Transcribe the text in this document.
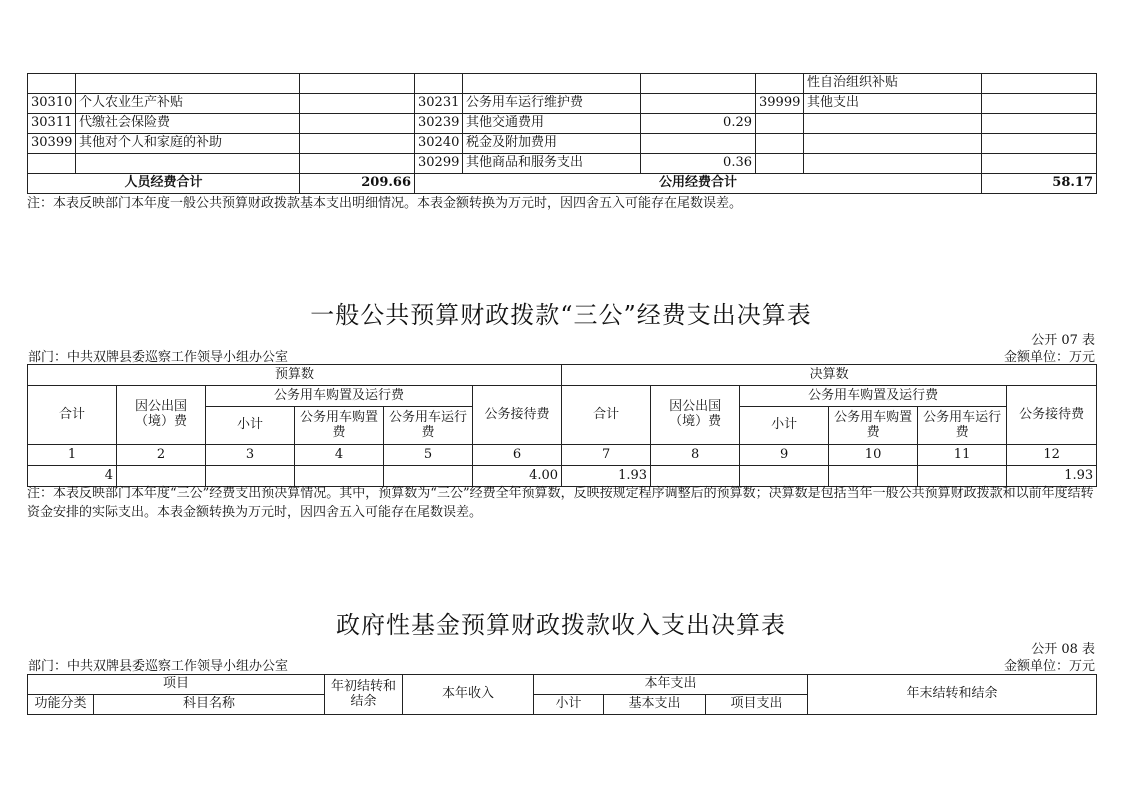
							性自治组织补贴	
30310	个人农业生产补贴		30231	公务用车运行维护费		39999	其他支出	
30311	代缴社会保险费		30239	其他交通费用	0.29			
30399	其他对个人和家庭的补助		30240	税金及附加费用				
			30299	其他商品和服务支出	0.36			
人员经费合计		209.66	公用经费合计					58.17
注：本表反映部门本年度一般公共预算财政拨款基本支出明细情况。本表金额转换为万元时，因四舍五入可能存在尾数误差。
一般公共预算财政拨款“三公”经费支出决算表
公开 07 表
部门：中共双牌县委巡察工作领导小组办公室	金额单位：万元
预算数						决算数					
合计	因公出国（境）费	公务用车购置及运行费			公务接待费	合计	因公出国（境）费	公务用车购置及运行费			公务接待费
		小计	公务用车购置费	公务用车运行费				小计	公务用车购置费	公务用车运行费	
1	2	3	4	5	6	7	8	9	10	11	12
4					4.00	1.93					1.93
注：本表反映部门本年度“三公”经费支出预决算情况。其中，预算数为“三公”经费全年预算数，反映按规定程序调整后的预算数；决算数是包括当年一般公共预算财政拨款和以前年度结转资金安排的实际支出。本表金额转换为万元时，因四舍五入可能存在尾数误差。
政府性基金预算财政拨款收入支出决算表
公开 08 表
部门：中共双牌县委巡察工作领导小组办公室	金额单位：万元
项目		年初结转和结余	本年收入	本年支出			年末结转和结余
功能分类	科目名称			小计	基本支出	项目支出	
